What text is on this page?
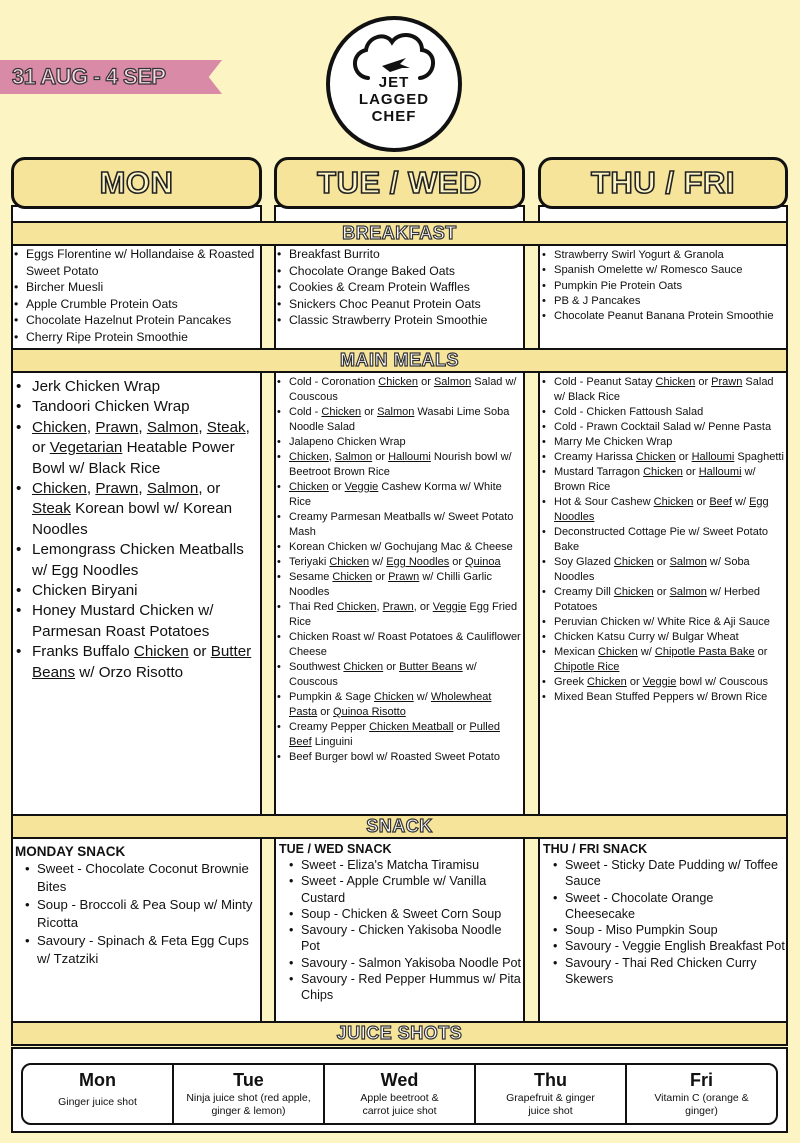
31 AUG - 4 SEP	JET
LAGGED
CHEF
MON	TUE / WED	THU / FRI
BREAKFAST
MAIN MEALS
SNACK
JUICE SHOTS
• Eggs Florentine w/ Hollandaise & Roasted Sweet Potato
• Bircher Muesli
• Apple Crumble Protein Oats
• Chocolate Hazelnut Protein Pancakes
• Cherry Ripe Protein Smoothie
• Breakfast Burrito
• Chocolate Orange Baked Oats
• Cookies & Cream Protein Waffles
• Snickers Choc Peanut Protein Oats
• Classic Strawberry Protein Smoothie
• Strawberry Swirl Yogurt & Granola
• Spanish Omelette w/ Romesco Sauce
• Pumpkin Pie Protein Oats
• PB & J Pancakes
• Chocolate Peanut Banana Protein Smoothie
• Jerk Chicken Wrap
• Tandoori Chicken Wrap
• Chicken, Prawn, Salmon, Steak, or Vegetarian Heatable Power Bowl w/ Black Rice
• Chicken, Prawn, Salmon, or Steak Korean bowl w/ Korean Noodles
• Lemongrass Chicken Meatballs w/ Egg Noodles
• Chicken Biryani
• Honey Mustard Chicken w/ Parmesan Roast Potatoes
• Franks Buffalo Chicken or Butter Beans w/ Orzo Risotto
• Cold - Coronation Chicken or Salmon Salad w/ Couscous
• Cold - Chicken or Salmon Wasabi Lime Soba Noodle Salad
• Jalapeno Chicken Wrap
• Chicken, Salmon or Halloumi Nourish bowl w/ Beetroot Brown Rice
• Chicken or Veggie Cashew Korma w/ White Rice
• Creamy Parmesan Meatballs w/ Sweet Potato Mash
• Korean Chicken w/ Gochujang Mac & Cheese
• Teriyaki Chicken w/ Egg Noodles or Quinoa
• Sesame Chicken or Prawn w/ Chilli Garlic Noodles
• Thai Red Chicken, Prawn, or Veggie Egg Fried Rice
• Chicken Roast w/ Roast Potatoes & Cauliflower Cheese
• Southwest Chicken or Butter Beans w/ Couscous
• Pumpkin & Sage Chicken w/ Wholewheat Pasta or Quinoa Risotto
• Creamy Pepper Chicken Meatball or Pulled Beef Linguini
• Beef Burger bowl w/ Roasted Sweet Potato
• Cold - Peanut Satay Chicken or Prawn Salad w/ Black Rice
• Cold - Chicken Fattoush Salad
• Cold - Prawn Cocktail Salad w/ Penne Pasta
• Marry Me Chicken Wrap
• Creamy Harissa Chicken or Halloumi Spaghetti
• Mustard Tarragon Chicken or Halloumi w/ Brown Rice
• Hot & Sour Cashew Chicken or Beef w/ Egg Noodles
• Deconstructed Cottage Pie w/ Sweet Potato Bake
• Soy Glazed Chicken or Salmon w/ Soba Noodles
• Creamy Dill Chicken or Salmon w/ Herbed Potatoes
• Peruvian Chicken w/ White Rice & Aji Sauce
• Chicken Katsu Curry w/ Bulgar Wheat
• Mexican Chicken w/ Chipotle Pasta Bake or Chipotle Rice
• Greek Chicken or Veggie bowl w/ Couscous
• Mixed Bean Stuffed Peppers w/ Brown Rice
MONDAY SNACK
• Sweet - Chocolate Coconut Brownie Bites
• Soup - Broccoli & Pea Soup w/ Minty Ricotta
• Savoury - Spinach & Feta Egg Cups w/ Tzatziki
TUE / WED SNACK
• Sweet - Eliza's Matcha Tiramisu
• Sweet - Apple Crumble w/ Vanilla Custard
• Soup - Chicken & Sweet Corn Soup
• Savoury - Chicken Yakisoba Noodle Pot
• Savoury - Salmon Yakisoba Noodle Pot
• Savoury - Red Pepper Hummus w/ Pita Chips
THU / FRI SNACK
• Sweet - Sticky Date Pudding w/ Toffee Sauce
• Sweet - Chocolate Orange Cheesecake
• Soup - Miso Pumpkin Soup
• Savoury - Veggie English Breakfast Pot
• Savoury - Thai Red Chicken Curry Skewers
Mon
Ginger juice shot
Tue
Ninja juice shot (red apple, ginger & lemon)
Wed
Apple beetroot & carrot juice shot
Thu
Grapefruit & ginger juice shot
Fri
Vitamin C (orange & ginger)
